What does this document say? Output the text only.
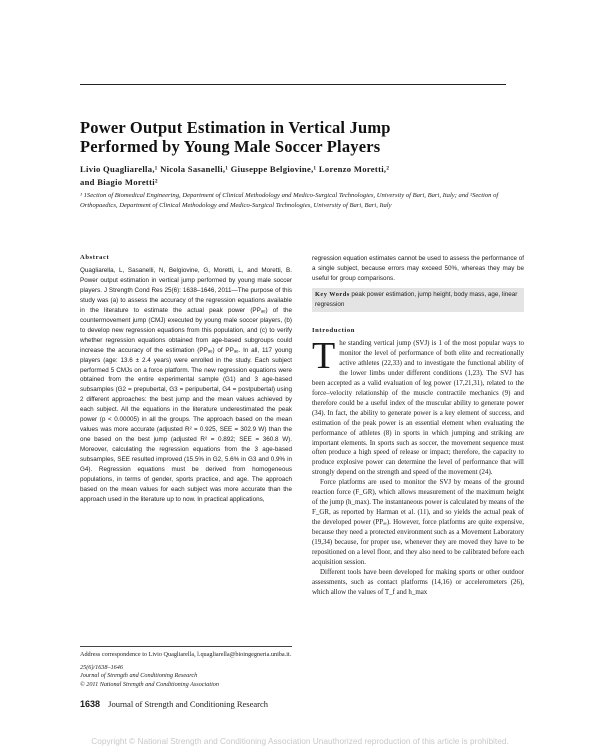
Power Output Estimation in Vertical Jump
Performed by Young Male Soccer Players
Livio Quagliarella,¹ Nicola Sasanelli,¹ Giuseppe Belgiovine,¹ Lorenzo Moretti,²
and Biagio Moretti²
¹ 1Section of Biomedical Engineering, Department of Clinical Methodology and Medico-Surgical Technologies, University of Bari, Bari, Italy; and ²Section of Orthopaedics, Department of Clinical Methodology and Medico-Surgical Technologies, University of Bari, Bari, Italy
Abstract
Quagliarella, L, Sasanelli, N, Belgiovine, G, Moretti, L, and Moretti, B. Power output estimation in vertical jump performed by young male soccer players. J Strength Cond Res 25(6): 1638–1646, 2011—The purpose of this study was (a) to assess the accuracy of the regression equations available in the literature to estimate the actual peak power (PPₐₑ) of the countermovement jump (CMJ) executed by young male soccer players, (b) to develop new regression equations from this population, and (c) to verify whether regression equations obtained from age-based subgroups could increase the accuracy of the estimation (PPₐₑ) of PPₐₑ. In all, 117 young players (age: 13.6 ± 2.4 years) were enrolled in the study. Each subject performed 5 CMJs on a force platform. The new regression equations were obtained from the entire experimental sample (G1) and 3 age-based subsamples (G2 = prepubertal, G3 = peripubertal, G4 = postpubertal) using 2 different approaches: the best jump and the mean values achieved by each subject. All the equations in the literature underestimated the peak power (p < 0.00005) in all the groups. The approach based on the mean values was more accurate (adjusted R² = 0.925, SEE = 302.9 W) than the one based on the best jump (adjusted R² = 0.892; SEE = 360.8 W). Moreover, calculating the regression equations from the 3 age-based subsamples, SEE resulted improved (15.5% in G2, 5.6% in G3 and 0.9% in G4). Regression equations must be derived from homogeneous populations, in terms of gender, sports practice, and age. The approach based on the mean values for each subject was more accurate than the approach used in the literature up to now. In practical applications,
regression equation estimates cannot be used to assess the performance of a single subject, because errors may exceed 50%, whereas they may be useful for group comparisons.
Key Words peak power estimation, jump height, body mass, age, linear regression
Introduction

The standing vertical jump (SVJ) is 1 of the most popular ways to monitor the level of performance of both elite and recreationally active athletes (22,33) and to investigate the functional ability of the lower limbs under different conditions (1,23). The SVJ has been accepted as a valid evaluation of leg power (17,21,31), related to the force–velocity relationship of the muscle contractile mechanics (9) and therefore could be a useful index of the muscular ability to generate power (34). In fact, the ability to generate power is a key element of success, and estimation of the peak power is an essential element when evaluating the performance of athletes (8) in sports in which jumping and striking are important elements. In sports such as soccer, the movement sequence must often produce a high speed of release or impact; therefore, the capacity to produce explosive power can determine the level of performance that will strongly depend on the strength and speed of the movement (24).

Force platforms are used to monitor the SVJ by means of the ground reaction force (F_GR), which allows measurement of the maximum height of the jump (h_max). The instantaneous power is calculated by means of the F_GR, as reported by Harman et al. (11), and so yields the actual peak of the developed power (PPₐₑ). However, force platforms are quite expensive, because they need a protected environment such as a Movement Laboratory (19,34) because, for proper use, whenever they are moved they have to be repositioned on a level floor, and they also need to be calibrated before each acquisition session.

Different tools have been developed for making sports or other outdoor assessments, such as contact platforms (14,16) or accelerometers (26), which allow the values of T_f and h_max

Address correspondence to Livio Quagliarella, l.quagliarella@bioingegneria.uniba.it.
25(6)/1638–1646
Journal of Strength and Conditioning Research
© 2011 National Strength and Conditioning Association
1638 Journal of Strength and Conditioning Research
Copyright © National Strength and Conditioning Association Unauthorized reproduction of this article is prohibited.
